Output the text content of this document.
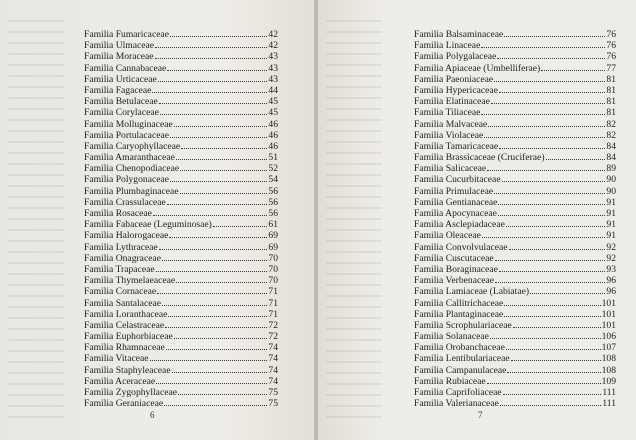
Familia Fumariсaceae	42
Familia Ulmaceae	42
Familia Moraceae	43
Familia Cannabaceae	43
Familia Urticaceae	43
Familia Fagaceae	44
Familia Betulaceae	45
Familia Corylaceae	45
Familia Molluginaceae	46
Familia Portulacaceae	46
Familia Caryophyllaceae	46
Familia Amaranthaceae	51
Familia Chenopodiaceae	52
Familia Polygonaceae	54
Familia Plumbaginaceae	56
Familia Crassulaceae	56
Familia Rosaceae	56
Familia Fabaceae (Leguminosae)	61
Familia Halorogaceae	69
Familia Lythraceae	69
Familia Onagraceae	70
Familia Trapaceae	70
Familia Thymelaeaceae	70
Familia Cornaceae	71
Familia Santalaceae	71
Familia Loranthaceae	71
Familia Celastraceae	72
Familia Euphorbiaceae	72
Familia Rhamnaceae	74
Familia Vitaceae	74
Familia Staphyleaceae	74
Familia Aceraceae	74
Familia Zygophyllaceae	75
Familia Geraniaceae	75
6
Familia Balsaminaceae	76
Familia Linaceae	76
Familia Polygalaceae	76
Familia Apiaceae (Umbelliferae)	77
Familia Paeoniaceae	81
Familia Hypericaceae	81
Familia Elatinaceae	81
Familia Tiliaceae	81
Familia Malvaceae	82
Familia Violaceae	82
Familia Tamaricaceae	84
Familia Brassicaceae (Cruciferae)	84
Familia Salicaceae	89
Familia Cucurbitaceae	90
Familia Primulaceae	90
Familia Gentianaceae	91
Familia Apocynaceae	91
Familia Asclepiadaceae	91
Familia Oleaceae	91
Familia Convolvulaceae	92
Familia Cuscutaceae	92
Familia Boraginaceae	93
Familia Verbenaceae	96
Familia Lamiaceae (Labiatae)	96
Familia Callitrichaceae	101
Familia Plantaginaceae	101
Familia Scrophulariaceae	101
Familia Solanaceae	106
Familia Orobanchaceae	107
Familia Lentibulariaceae	108
Familia Campanulaceae	108
Familia Rubiaceae	109
Familia Caprifoliaceae	111
Familia Valerianaceae	111
7
